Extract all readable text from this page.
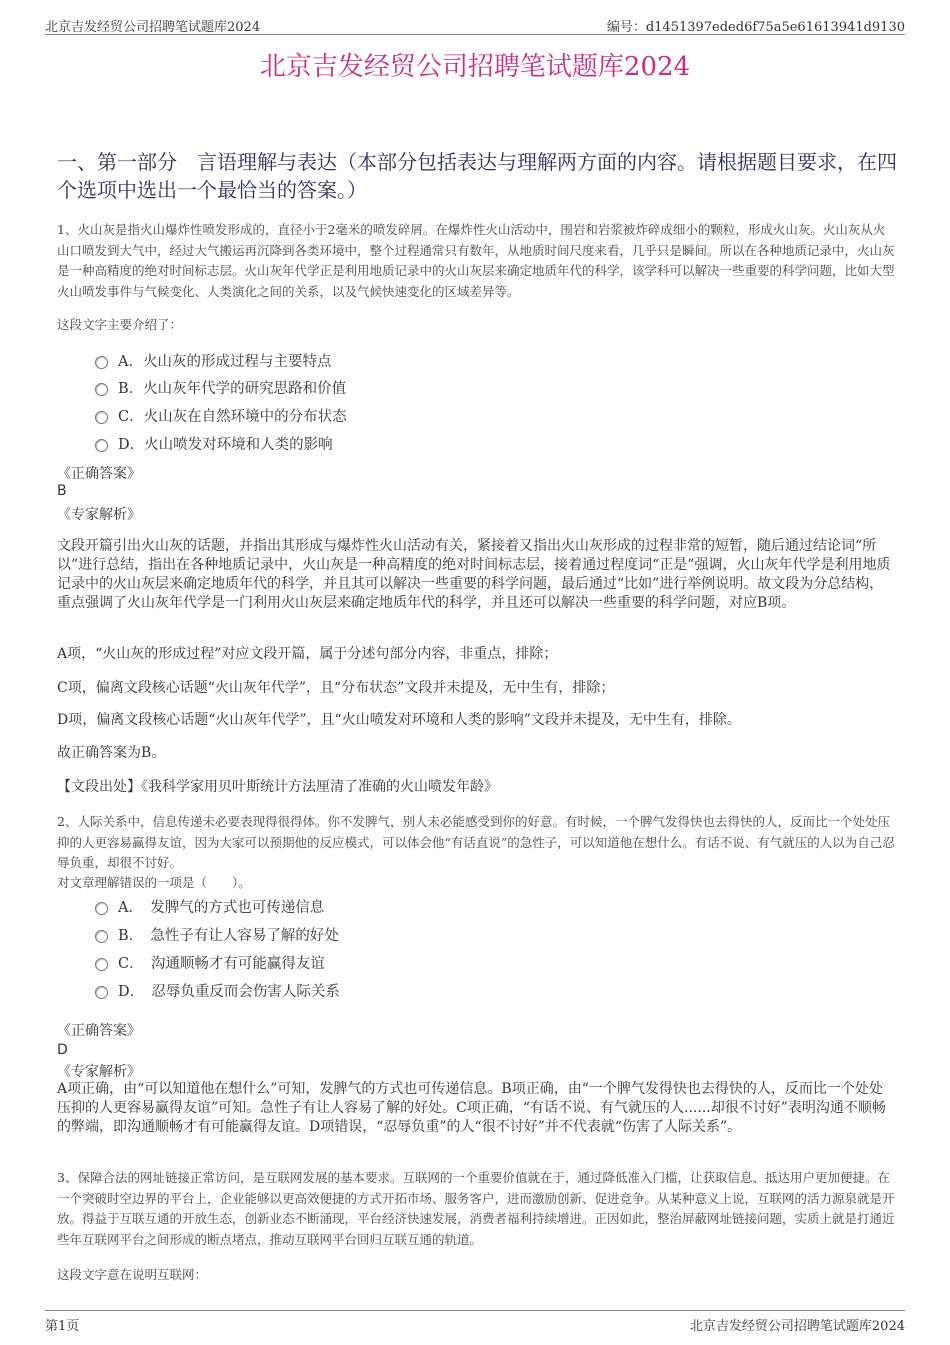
北京吉发经贸公司招聘笔试题库2024	编号：d1451397eded6f75a5e61613941d9130
北京吉发经贸公司招聘笔试题库2024
一、第一部分　言语理解与表达（本部分包括表达与理解两方面的内容。请根据题目要求，在四个选项中选出一个最恰当的答案。）
1、火山灰是指火山爆炸性喷发形成的，直径小于2毫米的喷发碎屑。在爆炸性火山活动中，围岩和岩浆被炸碎成细小的颗粒，形成火山灰。火山灰从火山口喷发到大气中，经过大气搬运再沉降到各类环境中，整个过程通常只有数年，从地质时间尺度来看，几乎只是瞬间。所以在各种地质记录中，火山灰是一种高精度的绝对时间标志层。火山灰年代学正是利用地质记录中的火山灰层来确定地质年代的科学，该学科可以解决一些重要的科学问题，比如大型火山喷发事件与气候变化、人类演化之间的关系，以及气候快速变化的区域差异等。
这段文字主要介绍了：
A．火山灰的形成过程与主要特点
B．火山灰年代学的研究思路和价值
C．火山灰在自然环境中的分布状态
D．火山喷发对环境和人类的影响
《正确答案》
B
《专家解析》
文段开篇引出火山灰的话题，并指出其形成与爆炸性火山活动有关，紧接着又指出火山灰形成的过程非常的短暂，随后通过结论词“所以”进行总结，指出在各种地质记录中，火山灰是一种高精度的绝对时间标志层，接着通过程度词“正是”强调，火山灰年代学是利用地质记录中的火山灰层来确定地质年代的科学，并且其可以解决一些重要的科学问题，最后通过“比如”进行举例说明。故文段为分总结构，重点强调了火山灰年代学是一门利用火山灰层来确定地质年代的科学，并且还可以解决一些重要的科学问题，对应B项。
A项，“火山灰的形成过程”对应文段开篇，属于分述句部分内容，非重点，排除；
C项，偏离文段核心话题“火山灰年代学”，且“分布状态”文段并未提及，无中生有，排除；
D项，偏离文段核心话题“火山灰年代学”，且“火山喷发对环境和人类的影响”文段并未提及，无中生有，排除。
故正确答案为B。
【文段出处】《我科学家用贝叶斯统计方法厘清了准确的火山喷发年龄》
2、人际关系中，信息传递未必要表现得很得体。你不发脾气，别人未必能感受到你的好意。有时候，一个脾气发得快也去得快的人，反而比一个处处压抑的人更容易赢得友谊，因为大家可以预期他的反应模式，可以体会他“有话直说”的急性子，可以知道他在想什么。有话不说、有气就压的人以为自己忍辱负重，却很不讨好。
对文章理解错误的一项是（　　）。
A．　发脾气的方式也可传递信息
B．　急性子有让人容易了解的好处
C．　沟通顺畅才有可能赢得友谊
D．　忍辱负重反而会伤害人际关系
《正确答案》
D
《专家解析》
A项正确，由“可以知道他在想什么”可知，发脾气的方式也可传递信息。B项正确，由“一个脾气发得快也去得快的人，反而比一个处处压抑的人更容易赢得友谊”可知。急性子有让人容易了解的好处。C项正确，“有话不说、有气就压的人......却很不讨好”表明沟通不顺畅的弊端，即沟通顺畅才有可能赢得友谊。D项错误，“忍辱负重”的人“很不讨好”并不代表就“伤害了人际关系”。
3、保障合法的网址链接正常访问，是互联网发展的基本要求。互联网的一个重要价值就在于，通过降低准入门槛，让获取信息、抵达用户更加便捷。在一个突破时空边界的平台上，企业能够以更高效便捷的方式开拓市场、服务客户，进而激励创新、促进竞争。从某种意义上说，互联网的活力源泉就是开放。得益于互联互通的开放生态，创新业态不断涌现，平台经济快速发展，消费者福利持续增进。正因如此，整治屏蔽网址链接问题，实质上就是打通近些年互联网平台之间形成的断点堵点，推动互联网平台回归互联互通的轨道。
这段文字意在说明互联网：
第1页	北京吉发经贸公司招聘笔试题库2024
